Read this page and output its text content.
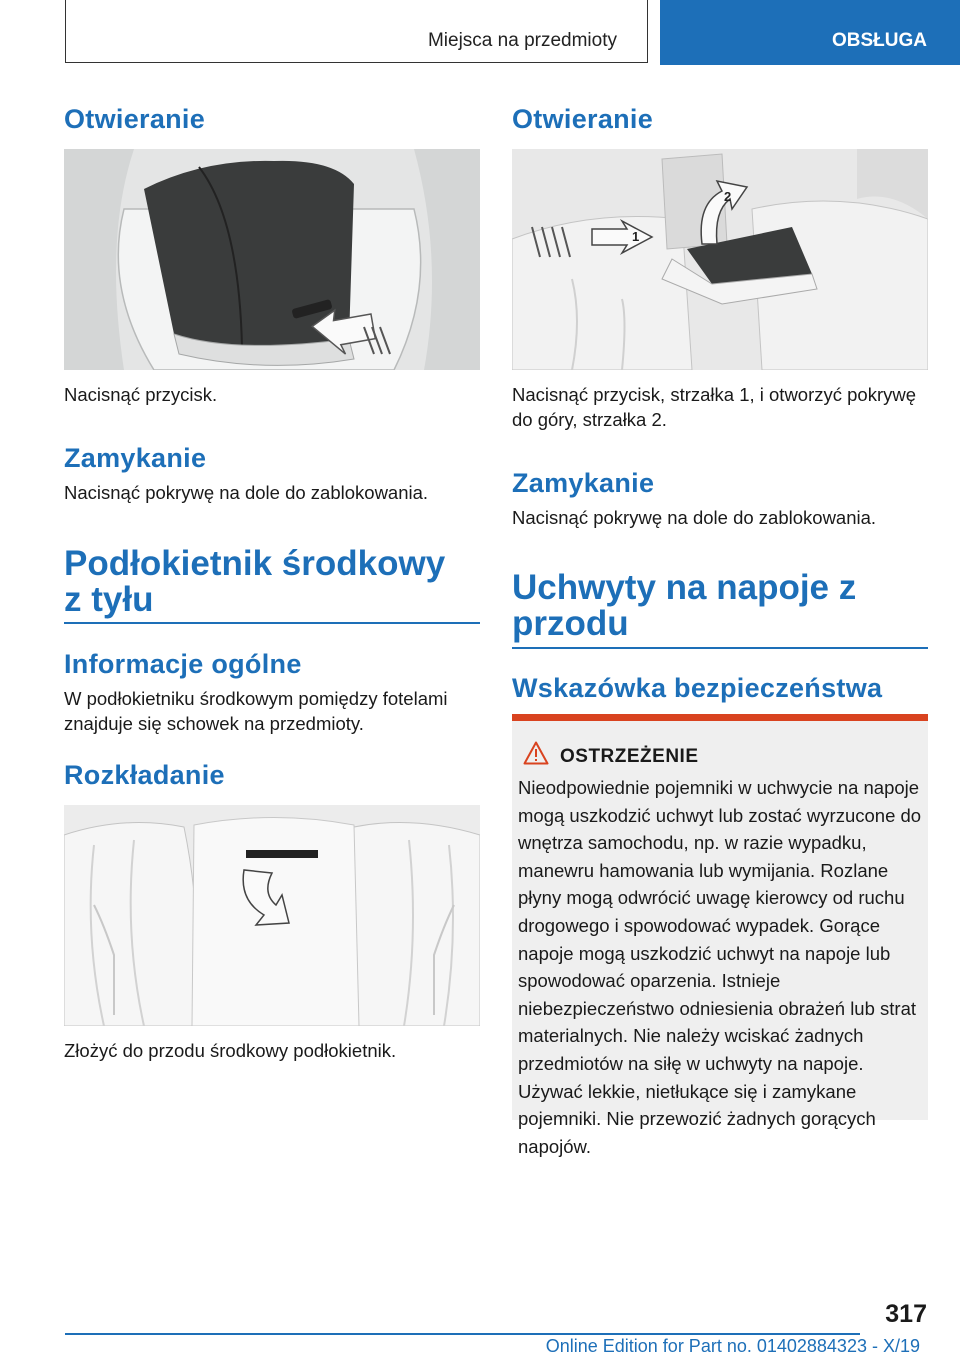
Miejsca na przedmioty	OBSŁUGA
Otwieranie

Nacisnąć przycisk.

Zamykanie

Nacisnąć pokrywę na dole do zablokowania.

Podłokietnik środkowy
z tyłu
Informacje ogólne

W podłokietniku środkowym pomiędzy fotelami znajduje się schowek na przedmioty.

Rozkładanie

Złożyć do przodu środkowy podłokietnik.

Otwieranie
1
2

Nacisnąć przycisk, strzałka 1, i otworzyć pokrywę do góry, strzałka 2.

Zamykanie

Nacisnąć pokrywę na dole do zablokowania.

Uchwyty na napoje z
przodu
Wskazówka bezpieczeństwa
OSTRZEŻENIE

Nieodpowiednie pojemniki w uchwycie na napoje mogą uszkodzić uchwyt lub zostać wyrzucone do wnętrza samochodu, np. w razie wypadku, manewru hamowania lub wymijania. Rozlane płyny mogą odwrócić uwagę kierowcy od ruchu drogowego i spowodować wypadek. Gorące napoje mogą uszkodzić uchwyt na napoje lub spowodować oparzenia. Istnieje niebezpieczeństwo odniesienia obrażeń lub strat materialnych. Nie należy wciskać żadnych przedmiotów na siłę w uchwyty na napoje. Używać lekkie, nietłukące się i zamykane pojemniki. Nie przewozić żadnych gorących napojów.

317
Online Edition for Part no. 01402884323 - X/19
